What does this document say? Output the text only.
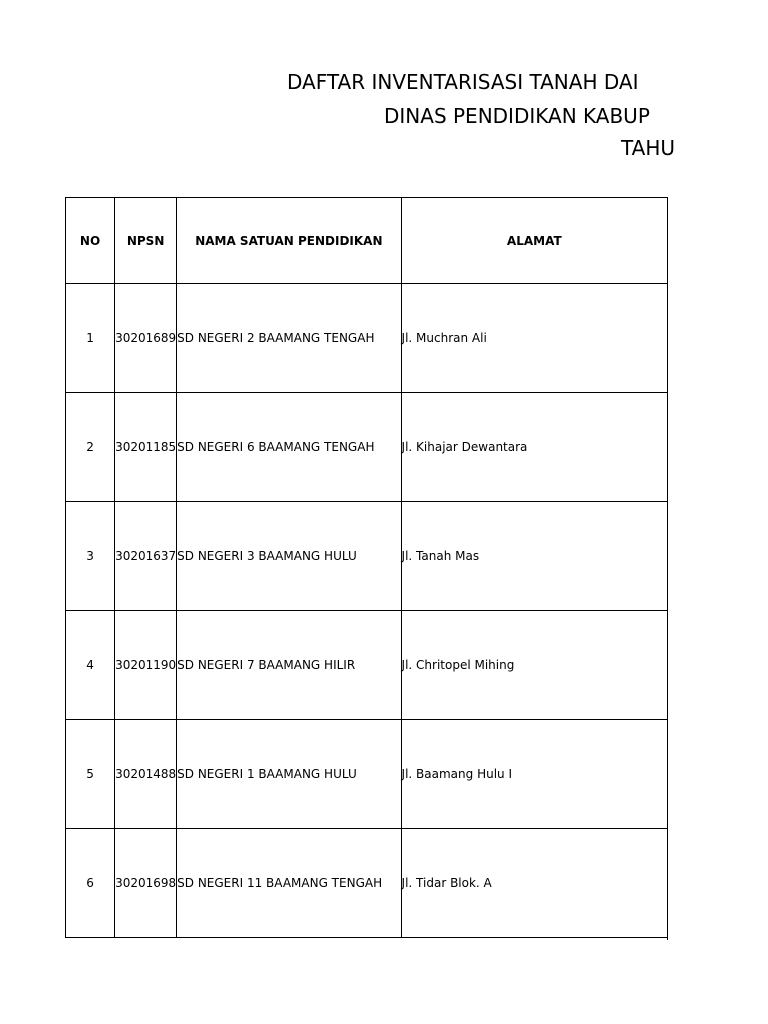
DAFTAR INVENTARISASI TANAH DAI
DINAS PENDIDIKAN KABUP
TAHU
NO	NPSN	NAMA SATUAN PENDIDIKAN	ALAMAT
1	30201689	SD NEGERI 2 BAAMANG TENGAH	Jl. Muchran Ali
2	30201185	SD NEGERI 6 BAAMANG TENGAH	Jl. Kihajar Dewantara
3	30201637	SD NEGERI 3 BAAMANG HULU	Jl. Tanah Mas
4	30201190	SD NEGERI 7 BAAMANG HILIR	Jl. Chritopel Mihing
5	30201488	SD NEGERI 1 BAAMANG HULU	Jl. Baamang Hulu I
6	30201698	SD NEGERI 11 BAAMANG TENGAH	Jl. Tidar Blok. A
